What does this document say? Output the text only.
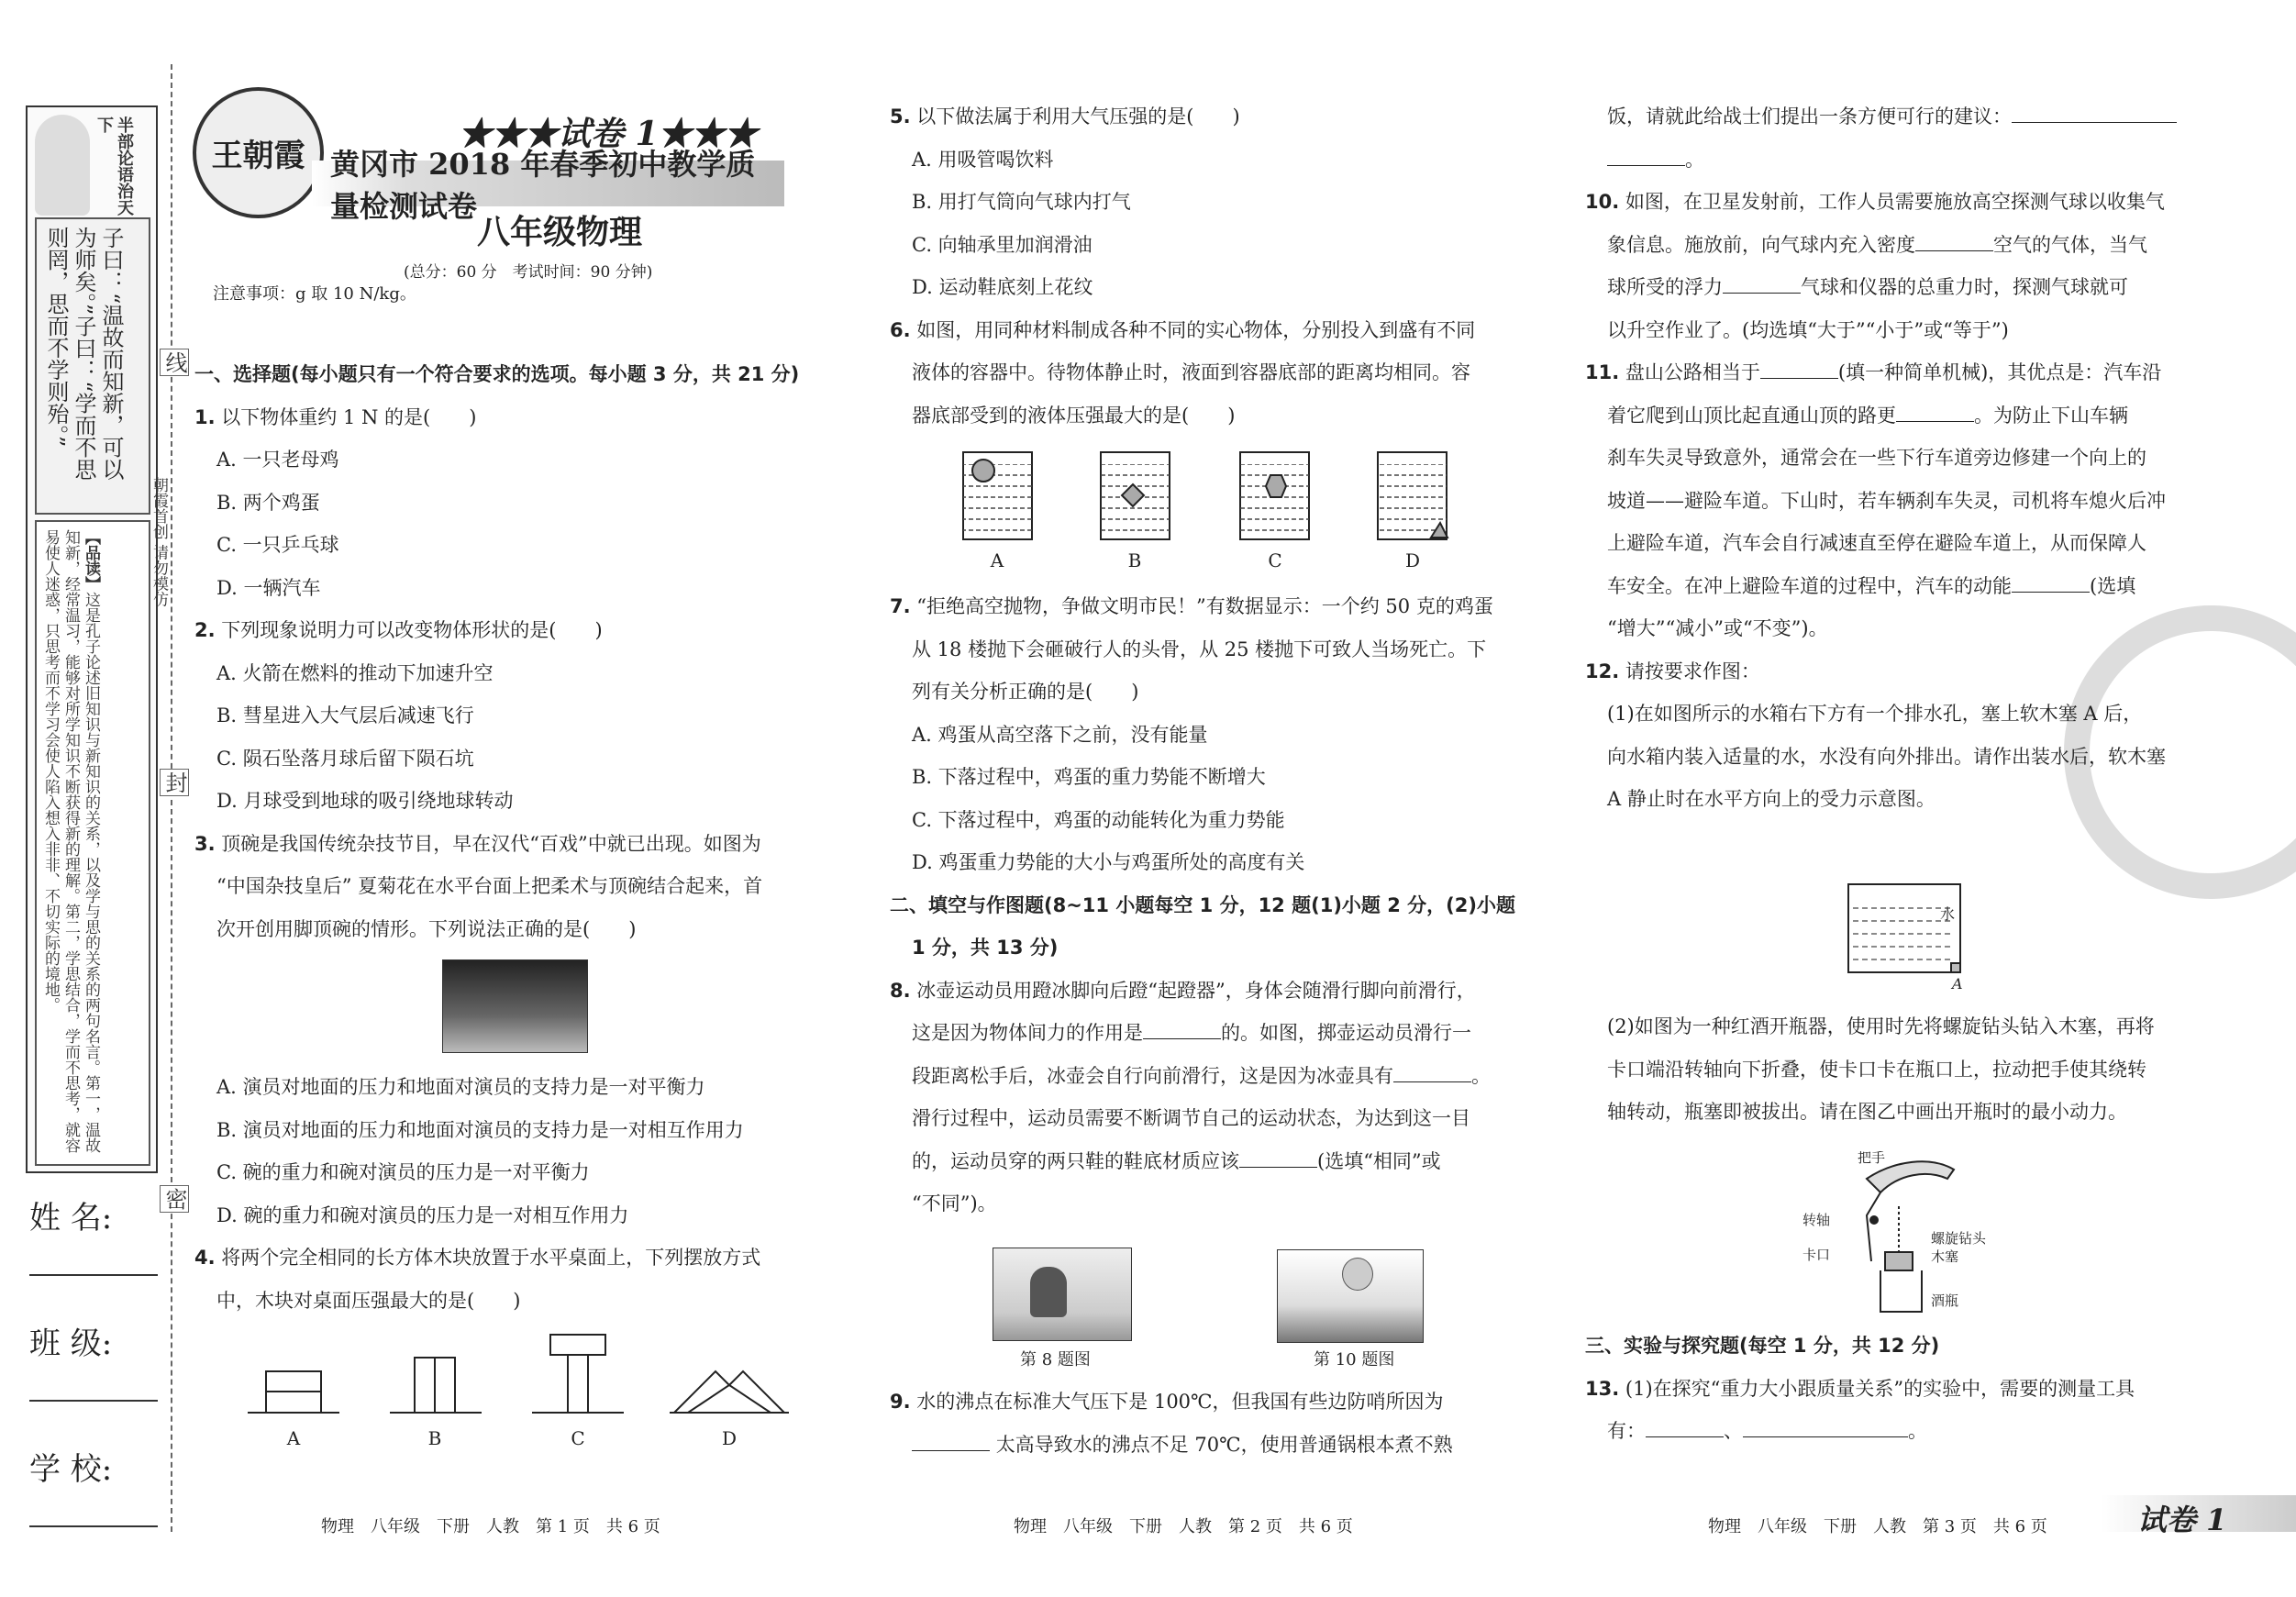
半部论语治天下
子曰：“温故而知新，可以为师矣。”子曰：“学而不思则罔，思而不学则殆。”
【品读】这是孔子论述旧知识与新知识的关系，以及学与思的关系的两句名言。第一，温故知新，经常温习，能够对所学知识不断获得新的理解。第二，学思结合，学而不思考，就容易使人迷惑，只思考而不学习会使人陷入想入非非、不切实际的境地。
线
封
密
朝霞首创 请勿模仿
姓 名:
班 级:
学 校:
王朝霞
★★★试卷 1★★★
黄冈市 2018 年春季初中教学质量检测试卷
八年级物理
(总分：60 分　考试时间：90 分钟)
注意事项：g 取 10 N/kg。

一、选择题(每小题只有一个符合要求的选项。每小题 3 分，共 21 分)

1. 以下物体重约 1 N 的是(　　)

A. 一只老母鸡

B. 两个鸡蛋

C. 一只乒乓球

D. 一辆汽车

2. 下列现象说明力可以改变物体形状的是(　　)

A. 火箭在燃料的推动下加速升空

B. 彗星进入大气层后减速飞行

C. 陨石坠落月球后留下陨石坑

D. 月球受到地球的吸引绕地球转动

3. 顶碗是我国传统杂技节目，早在汉代“百戏”中就已出现。如图为

“中国杂技皇后” 夏菊花在水平台面上把柔术与顶碗结合起来，首

次开创用脚顶碗的情形。下列说法正确的是(　　)

A. 演员对地面的压力和地面对演员的支持力是一对平衡力

B. 演员对地面的压力和地面对演员的支持力是一对相互作用力

C. 碗的重力和碗对演员的压力是一对平衡力

D. 碗的重力和碗对演员的压力是一对相互作用力

4. 将两个完全相同的长方体木块放置于水平桌面上，下列摆放方式

中，木块对桌面压强最大的是(　　)

A	B	C	D
物理　八年级　下册　人教　第 1 页　共 6 页

5. 以下做法属于利用大气压强的是(　　)

A. 用吸管喝饮料

B. 用打气筒向气球内打气

C. 向轴承里加润滑油

D. 运动鞋底刻上花纹

6. 如图，用同种材料制成各种不同的实心物体，分别投入到盛有不同

液体的容器中。待物体静止时，液面到容器底部的距离均相同。容

器底部受到的液体压强最大的是(　　)

A	B	C	D

7. “拒绝高空抛物，争做文明市民！”有数据显示：一个约 50 克的鸡蛋

从 18 楼抛下会砸破行人的头骨，从 25 楼抛下可致人当场死亡。下

列有关分析正确的是(　　)

A. 鸡蛋从高空落下之前，没有能量

B. 下落过程中，鸡蛋的重力势能不断增大

C. 下落过程中，鸡蛋的动能转化为重力势能

D. 鸡蛋重力势能的大小与鸡蛋所处的高度有关

二、填空与作图题(8~11 小题每空 1 分，12 题(1)小题 2 分，(2)小题

1 分，共 13 分)

8. 冰壶运动员用蹬冰脚向后蹬“起蹬器”，身体会随滑行脚向前滑行，

这是因为物体间力的作用是	的。如图，掷壶运动员滑行一

段距离松手后，冰壶会自行向前滑行，这是因为冰壶具有	。

滑行过程中，运动员需要不断调节自己的运动状态，为达到这一目

的，运动员穿的两只鞋的鞋底材质应该	(选填“相同”或

“不同”)。

第 8 题图	第 10 题图

9. 水的沸点在标准大气压下是 100℃，但我国有些边防哨所因为

太高导致水的沸点不足 70℃，使用普通锅根本煮不熟

物理　八年级　下册　人教　第 2 页　共 6 页

饭，请就此给战士们提出一条方便可行的建议：

。

10. 如图，在卫星发射前，工作人员需要施放高空探测气球以收集气

象信息。施放前，向气球内充入密度	空气的气体，当气

球所受的浮力	气球和仪器的总重力时，探测气球就可

以升空作业了。(均选填“大于”“小于”或“等于”)

11. 盘山公路相当于	(填一种简单机械)，其优点是：汽车沿

着它爬到山顶比起直通山顶的路更	。为防止下山车辆

刹车失灵导致意外，通常会在一些下行车道旁边修建一个向上的

坡道——避险车道。下山时，若车辆刹车失灵，司机将车熄火后冲

上避险车道，汽车会自行减速直至停在避险车道上，从而保障人

车安全。在冲上避险车道的过程中，汽车的动能	(选填

“增大”“减小”或“不变”)。

12. 请按要求作图：

(1)在如图所示的水箱右下方有一个排水孔，塞上软木塞 A 后，

向水箱内装入适量的水，水没有向外排出。请作出装水后，软木塞

A 静止时在水平方向上的受力示意图。

水
A

(2)如图为一种红酒开瓶器，使用时先将螺旋钻头钻入木塞，再将

卡口端沿转轴向下折叠，使卡口卡在瓶口上，拉动把手使其绕转

轴转动，瓶塞即被拔出。请在图乙中画出开瓶时的最小动力。

把手
转轴
螺旋钻头
木塞
卡口
酒瓶

三、实验与探究题(每空 1 分，共 12 分)

13. (1)在探究“重力大小跟质量关系”的实验中，需要的测量工具

有：	、	。

物理　八年级　下册　人教　第 3 页　共 6 页	试卷 1
